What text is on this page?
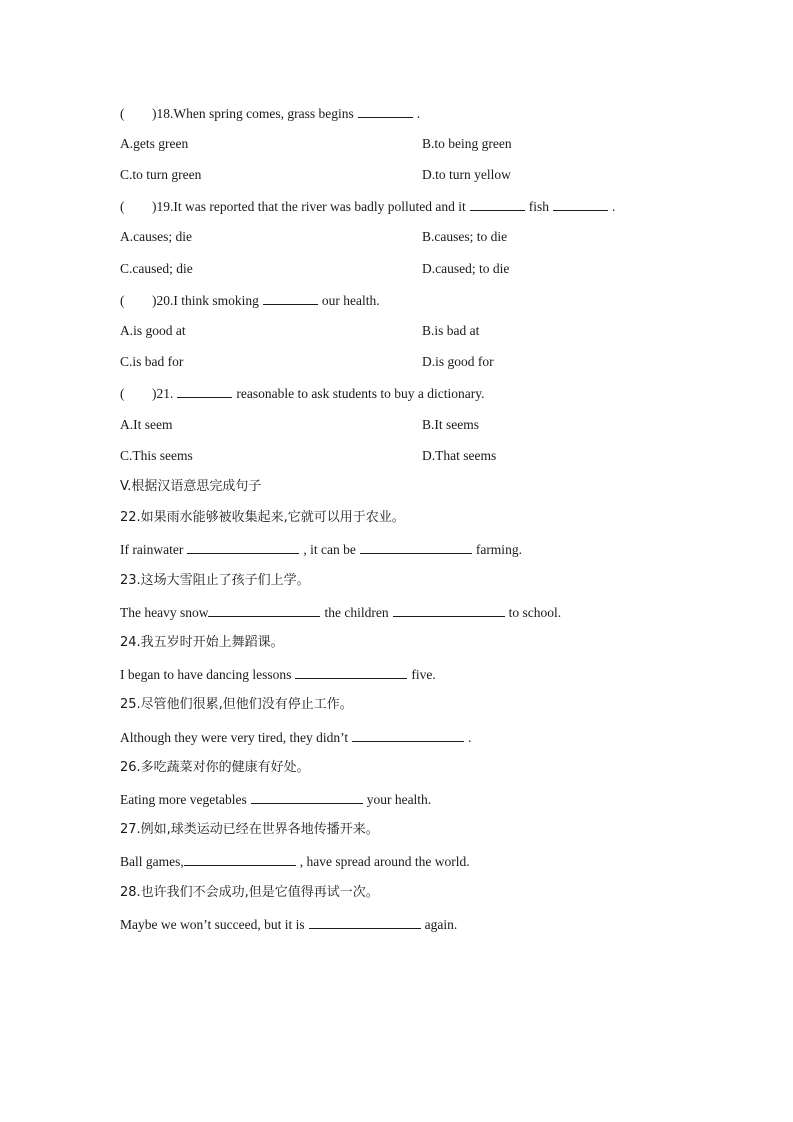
( )18.When spring comes, grass begins	.
A.gets green	B.to being green
C.to turn green	D.to turn yellow
( )19.It was reported that the river was badly polluted and it	fish	.
A.causes; die	B.causes; to die
C.caused; die	D.caused; to die
( )20.I think smoking	our health.
A.is good at	B.is bad at
C.is bad for	D.is good for
( )21.	reasonable to ask students to buy a dictionary.
A.It seem	B.It seems
C.This seems	D.That seems
V.根据汉语意思完成句子
22.如果雨水能够被收集起来,它就可以用于农业。
If rainwater	, it can be	farming.
23.这场大雪阻止了孩子们上学。
The heavy snow	the children	to school.
24.我五岁时开始上舞蹈课。
I began to have dancing lessons	five.
25.尽管他们很累,但他们没有停止工作。
Although they were very tired, they didn’t	.
26.多吃蔬菜对你的健康有好处。
Eating more vegetables	your health.
27.例如,球类运动已经在世界各地传播开来。
Ball games,	, have spread around the world.
28.也许我们不会成功,但是它值得再试一次。
Maybe we won’t succeed, but it is	again.
